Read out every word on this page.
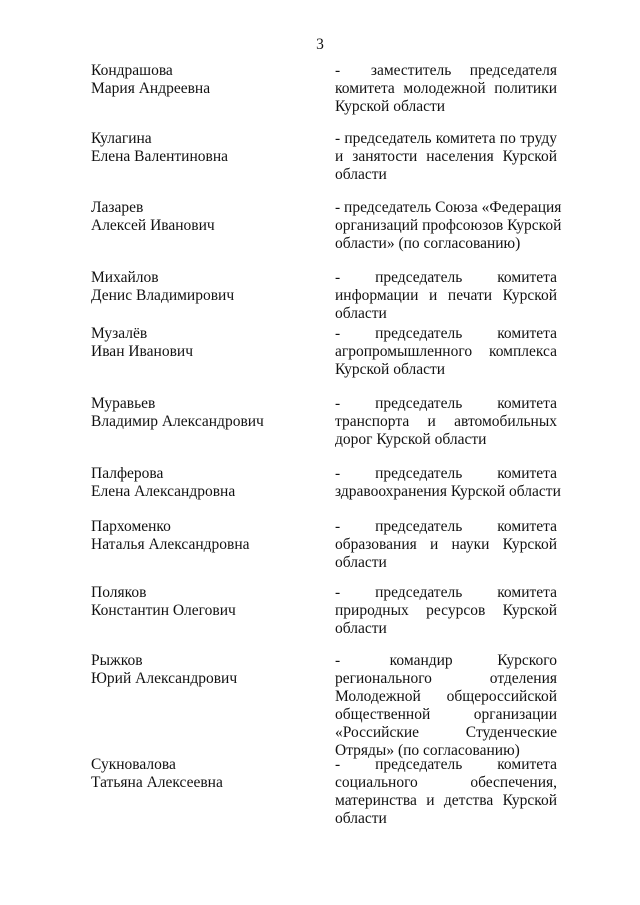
3
Кондрашова
Мария Андреевна
-     заместитель   председателя
комитета молодежной политики
Курской области
Кулагина
Елена Валентиновна
- председатель комитета по труду
и занятости населения Курской
области
Лазарев
Алексей Иванович
- председатель Союза «Федерация
организаций профсоюзов Курской
области» (по согласованию)
Михайлов
Денис Владимирович
-       председатель       комитета
информации и печати Курской
области
Музалёв
Иван Иванович
-       председатель       комитета
агропромышленного комплекса
Курской области
Муравьев
Владимир Александрович
-       председатель       комитета
транспорта и автомобильных
дорог Курской области
Палферова
Елена Александровна
-       председатель       комитета
здравоохранения Курской области
Пархоменко
Наталья Александровна
-       председатель       комитета
образования и науки Курской
области
Поляков
Константин Олегович
-       председатель       комитета
природных ресурсов Курской
области
Рыжков
Юрий Александрович
-          командир         Курского
регионального отделения
Молодежной общероссийской
общественной организации
«Российские Студенческие
Отряды» (по согласованию)
Сукновалова
Татьяна Алексеевна
-       председатель       комитета
социального обеспечения,
материнства и детства Курской
области
